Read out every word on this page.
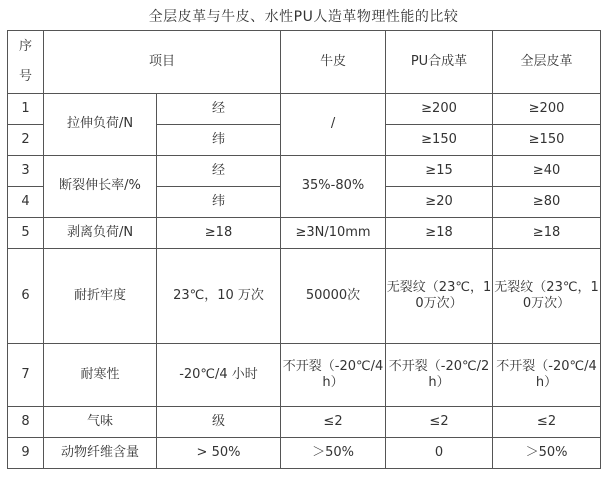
全层皮革与牛皮、水性PU人造革物理性能的比较
序
号	项目		牛皮	PU合成革	全层皮革
1	拉伸负荷/N	经	/	≥200	≥200
2		纬		≥150	≥150
3	断裂伸长率/%	经	35%-80%	≥15	≥40
4		纬		≥20	≥80
5	剥离负荷/N	≥18	≥3N/10mm	≥18	≥18
6	耐折牢度	23℃，10 万次	50000次	无裂纹（23℃，10万次）	无裂纹（23℃，10万次）
7	耐寒性	-20℃/4 小时	不开裂（-20℃/4h）	不开裂（-20℃/2h）	不开裂（-20℃/4h）
8	气味	级	≤2	≤2	≤2
9	动物纤维含量	> 50%	＞50%	0	＞50%
